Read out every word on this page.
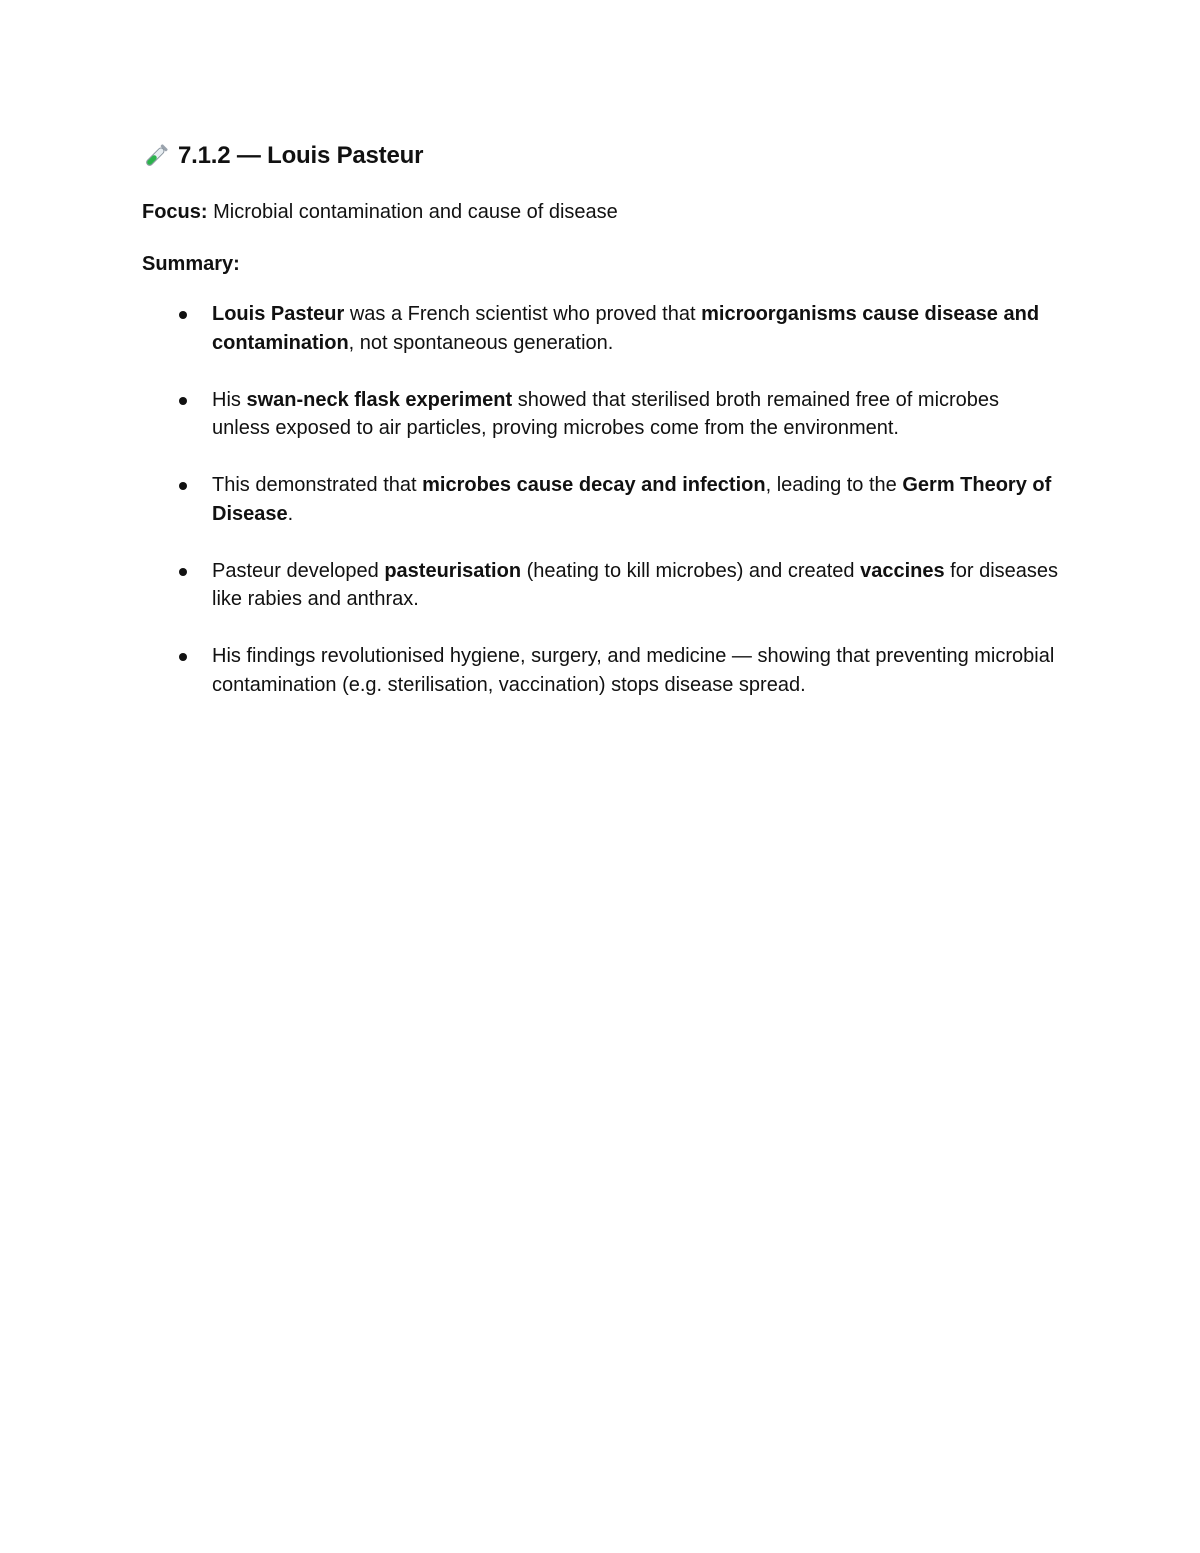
7.1.2 — Louis Pasteur

Focus: Microbial contamination and cause of disease

Summary:

Louis Pasteur was a French scientist who proved that microorganisms cause disease and contamination, not spontaneous generation.
His swan-neck flask experiment showed that sterilised broth remained free of microbes unless exposed to air particles, proving microbes come from the environment.
This demonstrated that microbes cause decay and infection, leading to the Germ Theory of Disease.
Pasteur developed pasteurisation (heating to kill microbes) and created vaccines for diseases like rabies and anthrax.
His findings revolutionised hygiene, surgery, and medicine — showing that preventing microbial contamination (e.g. sterilisation, vaccination) stops disease spread.
